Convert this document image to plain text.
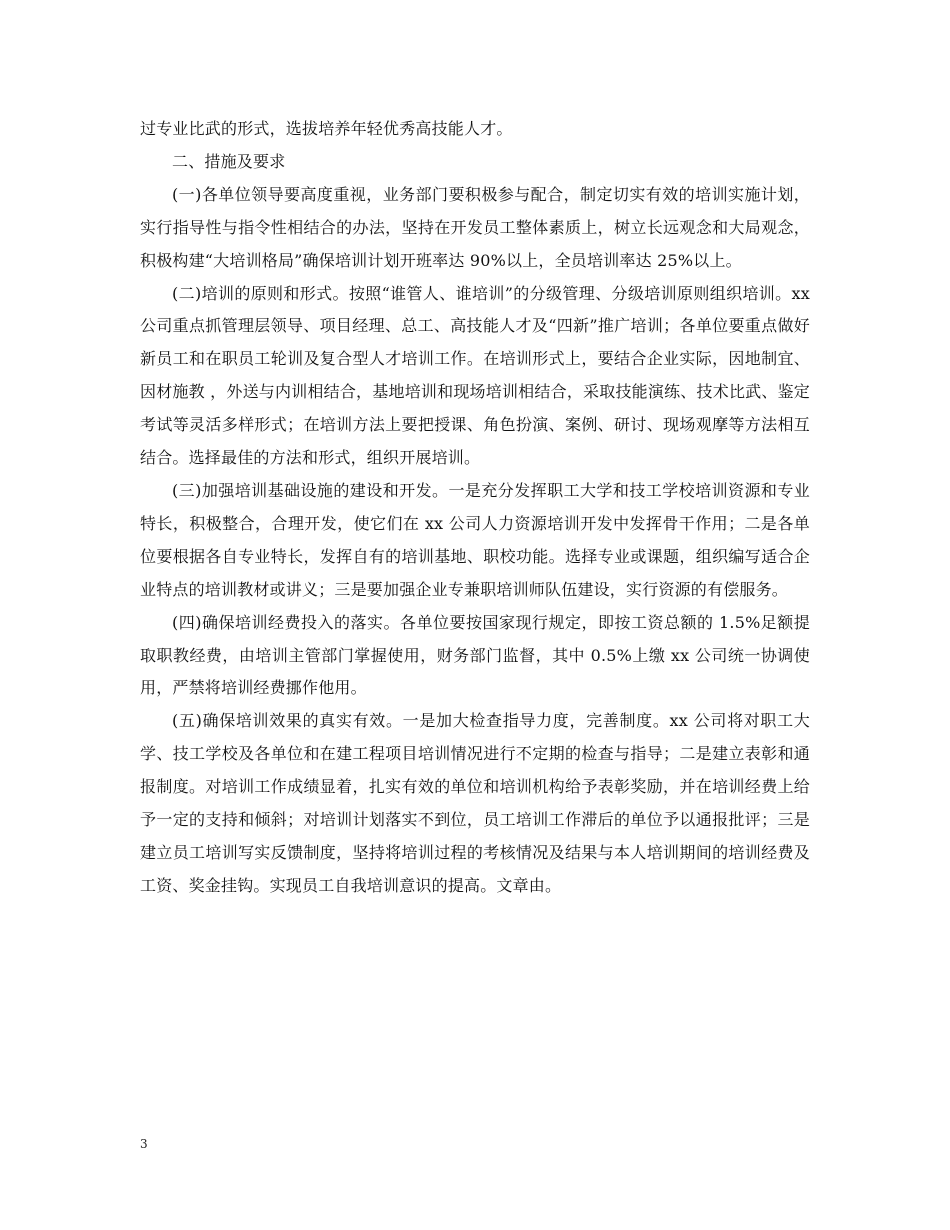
过专业比武的形式，选拔培养年轻优秀高技能人才。

二、措施及要求

(一)各单位领导要高度重视，业务部门要积极参与配合，制定切实有效的培训实施计划，实行指导性与指令性相结合的办法，坚持在开发员工整体素质上，树立长远观念和大局观念，积极构建“大培训格局”确保培训计划开班率达 90%以上，全员培训率达 25%以上。

(二)培训的原则和形式。按照“谁管人、谁培训”的分级管理、分级培训原则组织培训。xx 公司重点抓管理层领导、项目经理、总工、高技能人才及“四新”推广培训；各单位要重点做好新员工和在职员工轮训及复合型人才培训工作。在培训形式上，要结合企业实际，因地制宜、因材施教 ，外送与内训相结合，基地培训和现场培训相结合，采取技能演练、技术比武、鉴定考试等灵活多样形式；在培训方法上要把授课、角色扮演、案例、研讨、现场观摩等方法相互结合。选择最佳的方法和形式，组织开展培训。

(三)加强培训基础设施的建设和开发。一是充分发挥职工大学和技工学校培训资源和专业特长，积极整合，合理开发，使它们在 xx 公司人力资源培训开发中发挥骨干作用；二是各单位要根据各自专业特长，发挥自有的培训基地、职校功能。选择专业或课题，组织编写适合企业特点的培训教材或讲义；三是要加强企业专兼职培训师队伍建设，实行资源的有偿服务。

(四)确保培训经费投入的落实。各单位要按国家现行规定，即按工资总额的 1.5%足额提取职教经费，由培训主管部门掌握使用，财务部门监督，其中 0.5%上缴 xx 公司统一协调使用，严禁将培训经费挪作他用。

(五)确保培训效果的真实有效。一是加大检查指导力度，完善制度。xx 公司将对职工大学、技工学校及各单位和在建工程项目培训情况进行不定期的检查与指导；二是建立表彰和通报制度。对培训工作成绩显着，扎实有效的单位和培训机构给予表彰奖励，并在培训经费上给予一定的支持和倾斜；对培训计划落实不到位，员工培训工作滞后的单位予以通报批评；三是建立员工培训写实反馈制度，坚持将培训过程的考核情况及结果与本人培训期间的培训经费及工资、奖金挂钩。实现员工自我培训意识的提高。文章由。

3
